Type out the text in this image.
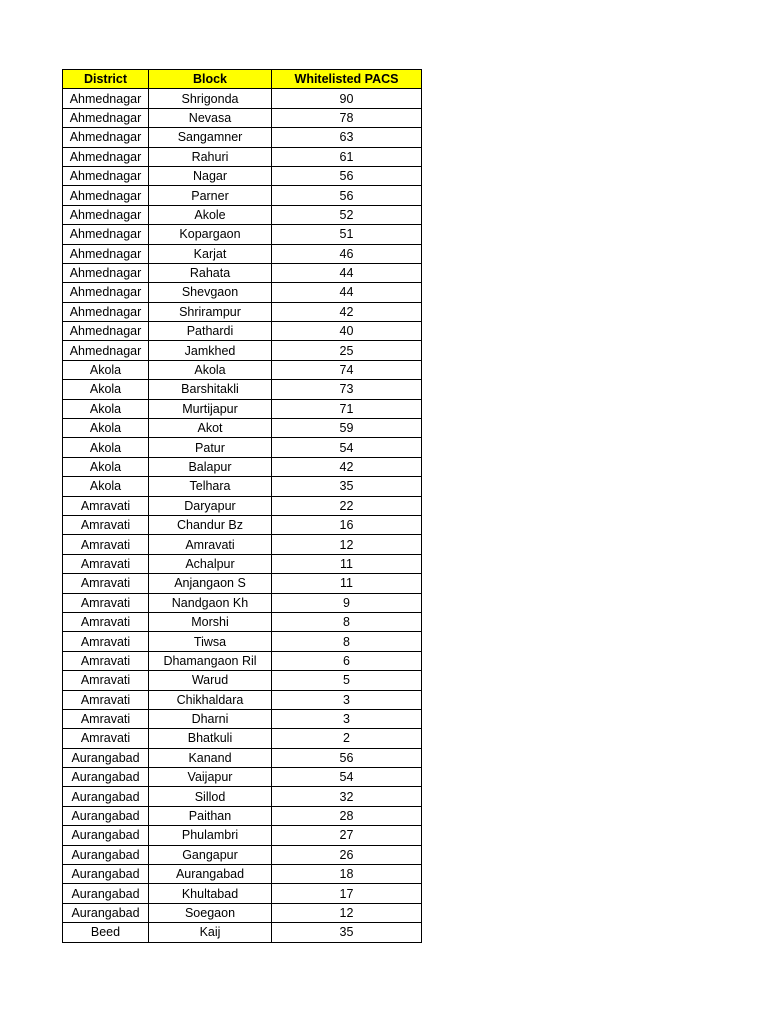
District	Block	Whitelisted PACS
Ahmednagar	Shrigonda	90
Ahmednagar	Nevasa	78
Ahmednagar	Sangamner	63
Ahmednagar	Rahuri	61
Ahmednagar	Nagar	56
Ahmednagar	Parner	56
Ahmednagar	Akole	52
Ahmednagar	Kopargaon	51
Ahmednagar	Karjat	46
Ahmednagar	Rahata	44
Ahmednagar	Shevgaon	44
Ahmednagar	Shrirampur	42
Ahmednagar	Pathardi	40
Ahmednagar	Jamkhed	25
Akola	Akola	74
Akola	Barshitakli	73
Akola	Murtijapur	71
Akola	Akot	59
Akola	Patur	54
Akola	Balapur	42
Akola	Telhara	35
Amravati	Daryapur	22
Amravati	Chandur Bz	16
Amravati	Amravati	12
Amravati	Achalpur	11
Amravati	Anjangaon S	11
Amravati	Nandgaon Kh	9
Amravati	Morshi	8
Amravati	Tiwsa	8
Amravati	Dhamangaon Ril	6
Amravati	Warud	5
Amravati	Chikhaldara	3
Amravati	Dharni	3
Amravati	Bhatkuli	2
Aurangabad	Kanand	56
Aurangabad	Vaijapur	54
Aurangabad	Sillod	32
Aurangabad	Paithan	28
Aurangabad	Phulambri	27
Aurangabad	Gangapur	26
Aurangabad	Aurangabad	18
Aurangabad	Khultabad	17
Aurangabad	Soegaon	12
Beed	Kaij	35
